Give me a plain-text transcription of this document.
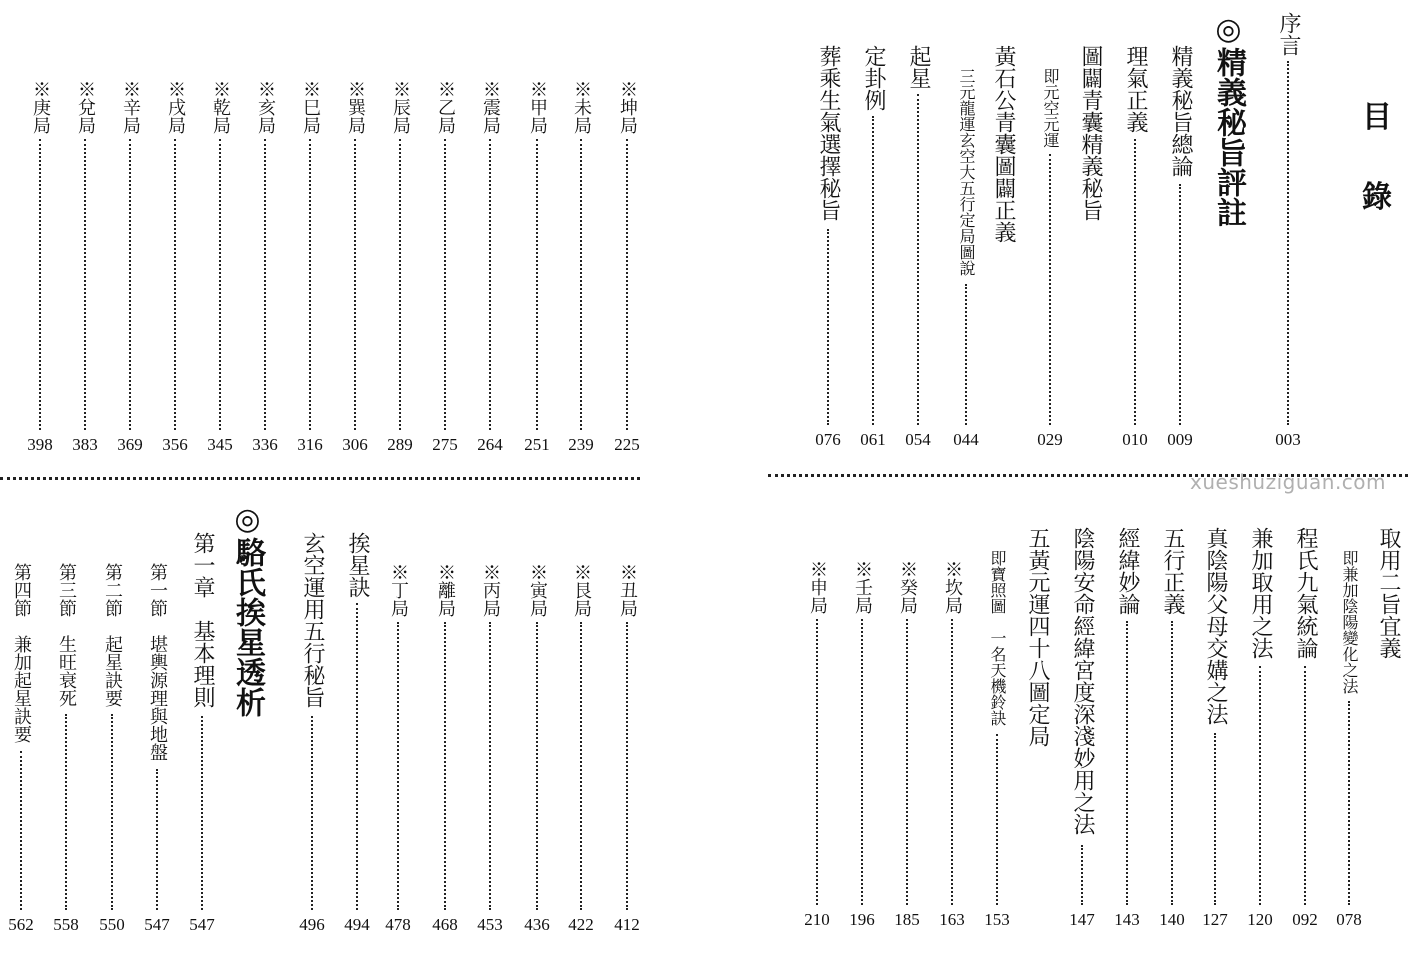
目
錄
序言
003
◎精義秘旨評註
精義秘旨總論
009
理氣正義
010
圖闢青囊精義秘旨
即元空元運
029
黃石公青囊圖闢正義
三元龍運玄空大五行定局圖說
044
起星
054
定卦例
061
葬乘生氣選擇秘旨
076
xueshuziguan.com
取用二旨宜義
即兼加陰陽變化之法
078
程氏九氣統論
092
兼加取用之法
120
真陰陽父母交媾之法
127
五行正義
140
經緯妙論
143
陰陽安命經緯宮度深淺妙用之法
147
五黃元運四十八圖定局
即寶照圖　一名天機鈴訣
153
※坎局
163
※癸局
185
※壬局
196
※申局
210
※坤局
225
※未局
239
※甲局
251
※震局
264
※乙局
275
※辰局
289
※巽局
306
※巳局
316
※亥局
336
※乾局
345
※戌局
356
※辛局
369
※兌局
383
※庚局
398
※丑局
412
※艮局
422
※寅局
436
※丙局
453
※離局
468
※丁局
478
挨星訣
494
玄空運用五行秘旨
496
◎駱氏挨星透析
第一章　基本理則
547
第一節　堪輿源理與地盤
547
第二節　起星訣要
550
第三節　生旺衰死
558
第四節　兼加起星訣要
562
